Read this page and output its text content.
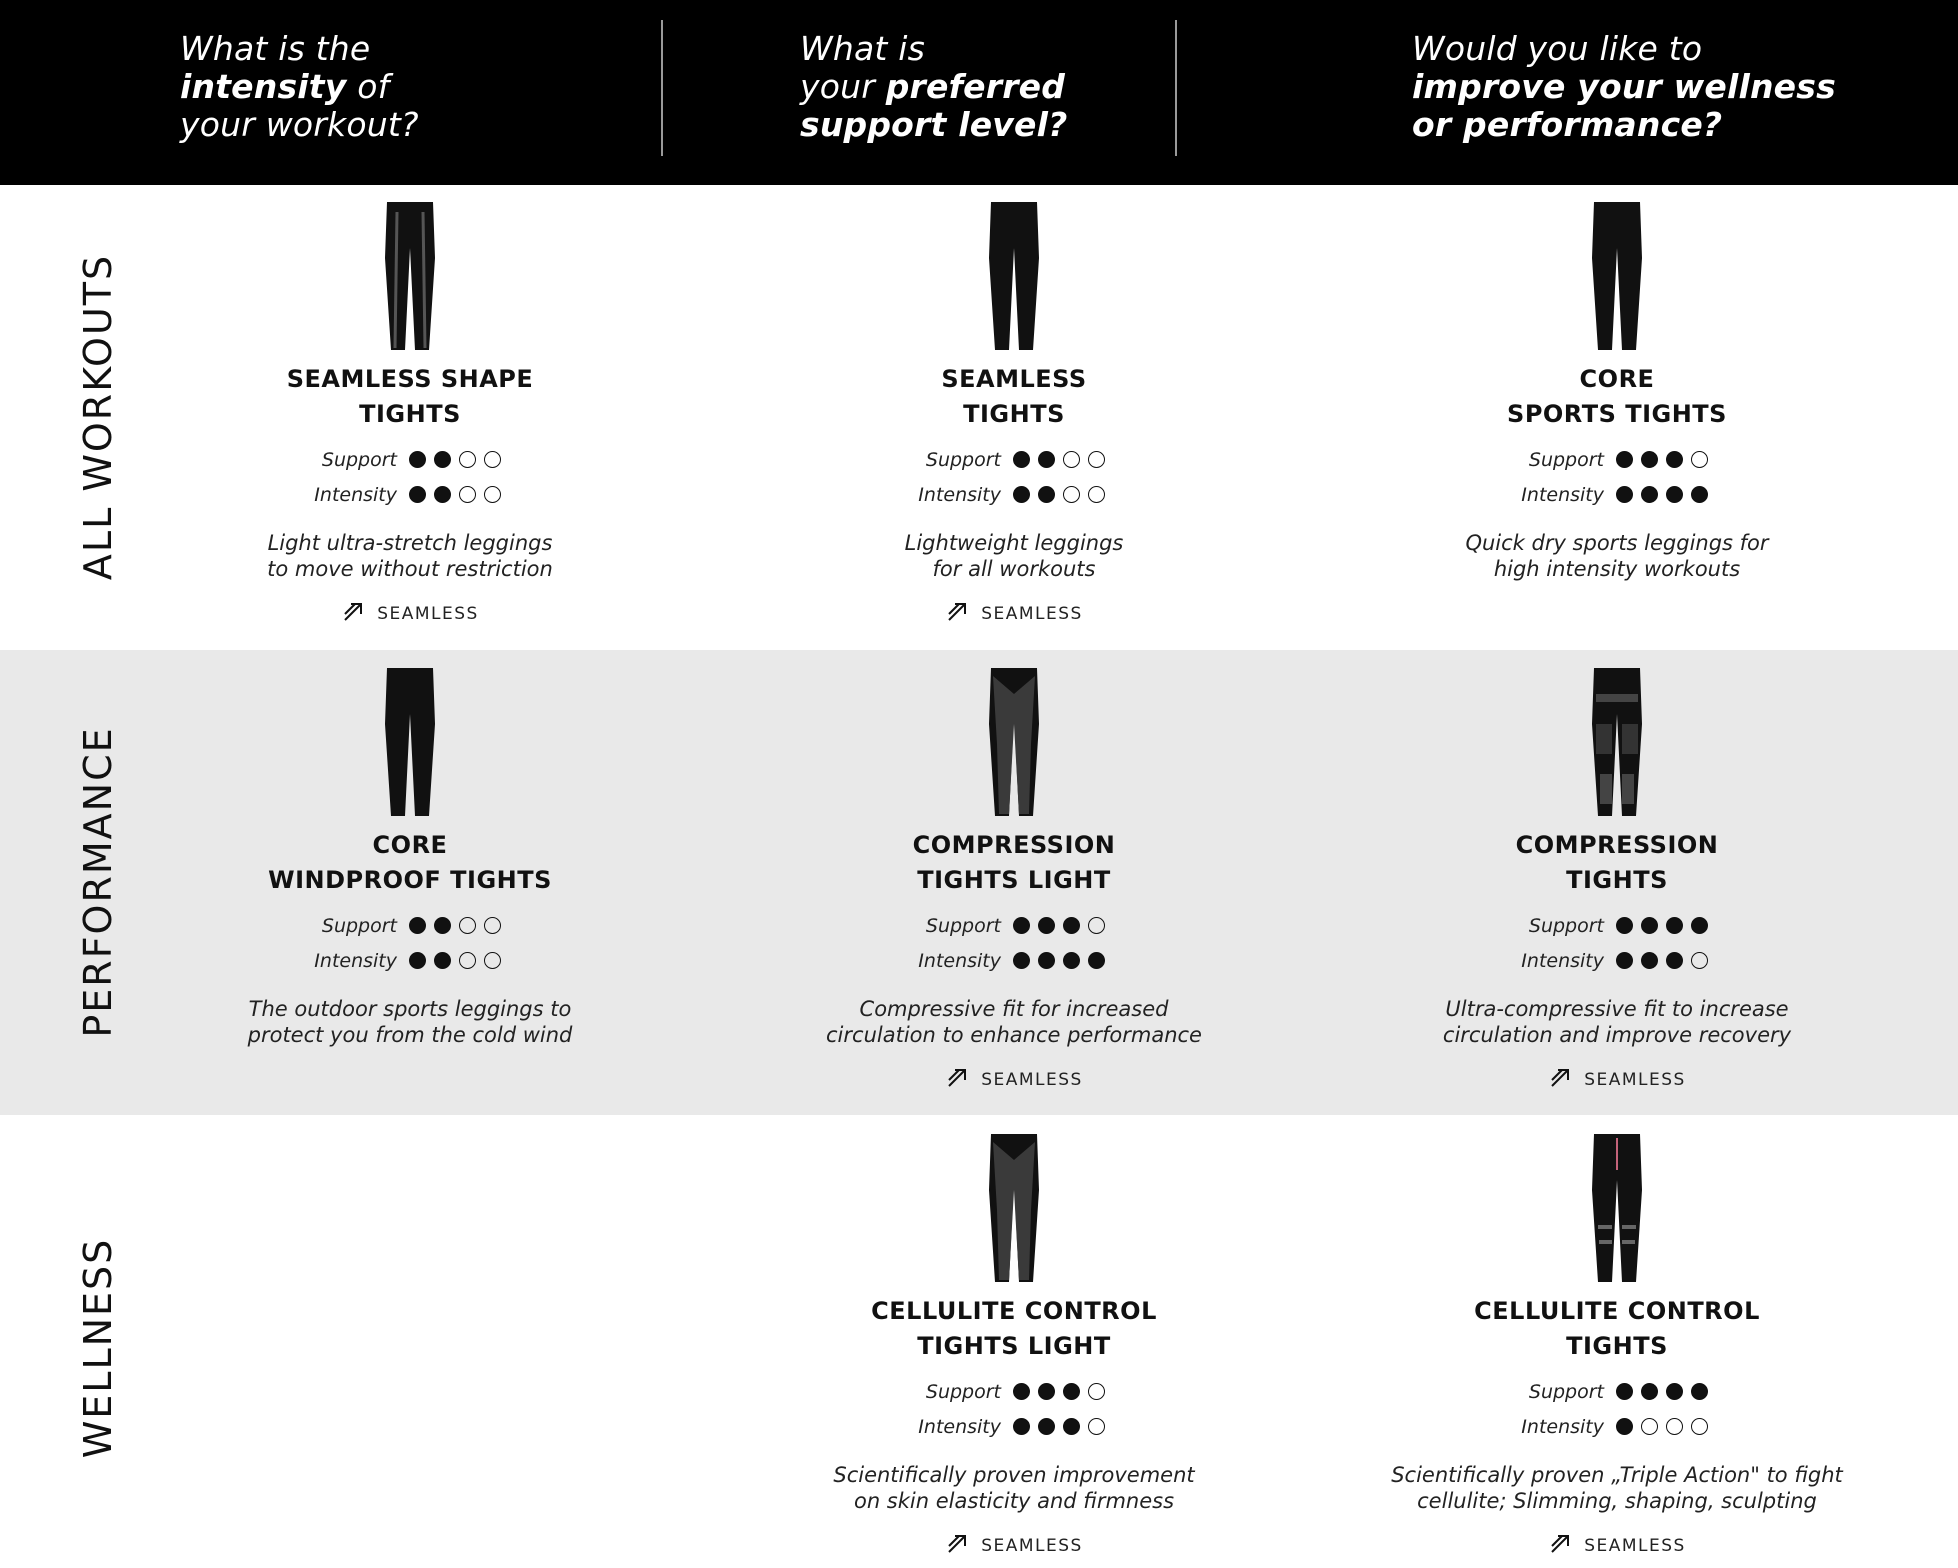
What is the
intensity of
your workout?
What is
your preferred
support level?
Would you like to
improve your wellness
or performance?
ALL WORKOUTS
PERFORMANCE
WELLNESS
SEAMLESS SHAPE
TIGHTS
Support
Intensity
Light ultra-stretch leggings
to move without restriction
SEAMLESS
SEAMLESS
TIGHTS
Support
Intensity
Lightweight leggings
for all workouts
SEAMLESS
CORE
SPORTS TIGHTS
Support
Intensity
Quick dry sports leggings for
high intensity workouts
CORE
WINDPROOF TIGHTS
Support
Intensity
The outdoor sports leggings to
protect you from the cold wind
COMPRESSION
TIGHTS LIGHT
Support
Intensity
Compressive fit for increased
circulation to enhance performance
SEAMLESS
COMPRESSION
TIGHTS
Support
Intensity
Ultra-compressive fit to increase
circulation and improve recovery
SEAMLESS
CELLULITE CONTROL
TIGHTS LIGHT
Support
Intensity
Scientifically proven improvement
on skin elasticity and firmness
SEAMLESS
CELLULITE CONTROL
TIGHTS
Support
Intensity
Scientifically proven „Triple Action" to fight
cellulite; Slimming, shaping, sculpting
SEAMLESS
